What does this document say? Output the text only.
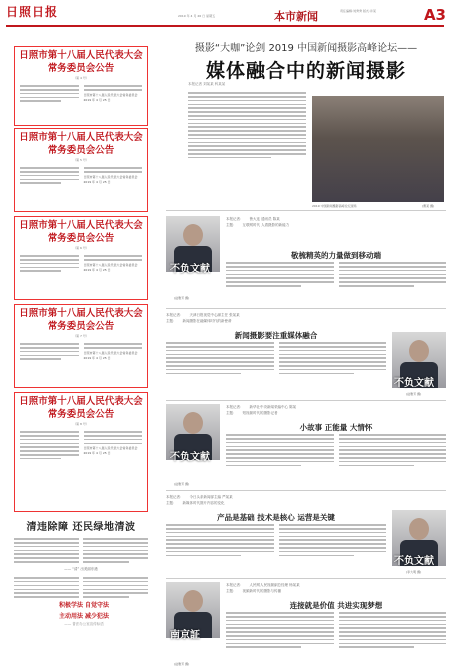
日照日报	2019 年 4 月 26 日 星期五	本市新闻	责任编辑:刘秀秀 版式:许某	A3
日照市第十八届人民代表大会常务委员会公告
（第 4 号）
日照市第十八届人民代表大会常务委员会 2019 年 4 月 25 日
日照市第十八届人民代表大会常务委员会公告
（第 5 号）
日照市第十八届人民代表大会常务委员会 2019 年 4 月 25 日
日照市第十八届人民代表大会常务委员会公告
（第 6 号）
日照市第十八届人民代表大会常务委员会 2019 年 4 月 25 日
日照市第十八届人民代表大会常务委员会公告
（第 7 号）
日照市第十八届人民代表大会常务委员会 2019 年 4 月 25 日
日照市第十八届人民代表大会常务委员会公告
（第 8 号）
日照市第十八届人民代表大会常务委员会 2019 年 4 月 25 日
清违除障 还民绿地清波
—— “清” 出美丽东港
积极学法 自觉守法
主动用法 减少犯法
—— 普法办公室宣传标语
摄影“大咖”论剑 2019 中国新闻摄影高峰论坛——
媒体融合中的新闻摄影
本报记者 刘某某 科某某
2019 中国新闻摄影高峰论坛现场	(曹某 摄)
本报记者： 鲁大连 通讯员 陈某
主题： 互联网时代 人看摄影的新能力
不负文献
(赵雅芳 摄)
敬梳精英的力量做到移动端
本报记者： 天津日报视觉中心副主任 张某某
主题： 新闻摄影在融媒体时代的新使命
新闻摄影要注重媒体融合
不负文献
(赵雅芳 摄)
本报记者： 新华社中央新闻采编中心 陈某
主题： 短视频时代的摄影记者
不负文献
(赵雅芳 摄)
小故事 正能量 大情怀
本报记者： 今日头条新闻部主编 严某某
主题： 新媒体时代图片内容的变化
产品是基础 技术是核心 运营是关键
不负文献
(李大明 摄)
本报记者： 人民网人民视频副总经理 杨某某
主题： 视频新时代的摄影与传播
南京証
(赵雅芳 摄)
连接就是价值 共进实现梦想
